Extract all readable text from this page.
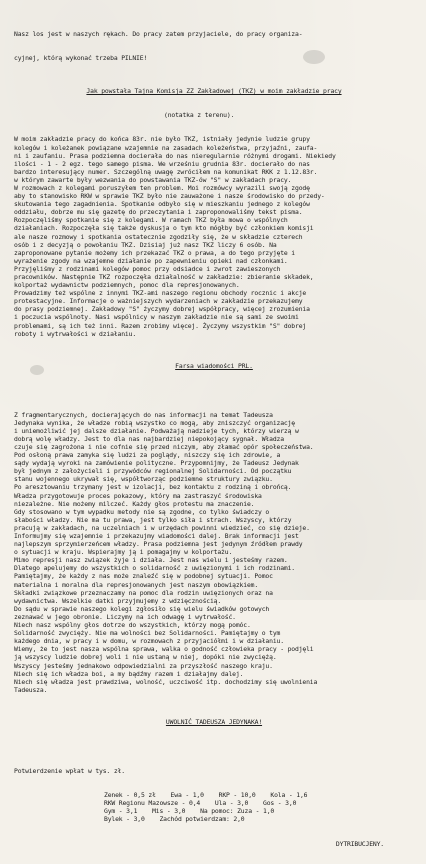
Nasz los jest w naszych rękach. Do pracy zatem przyjaciele, do pracy organiza-

cyjnej, którą wykonać trzeba PILNIE!

Jak powstała Tajna Komisja ZZ Zakładowej (TKZ) w moim zakładzie pracy

(notatka z terenu).

W moim zakładzie pracy do końca 83r. nie było TKZ, istniały jedynie ludzie grupy
kolegów i koleżanek powiązane wzajemnie na zasadach koleżeństwa, przyjaźni, zaufa-
ni i zaufaniu. Prasa podziemna docierała do nas nieregularnie różnymi drogami. Niekiedy
ilości - 1 - 2 egz. tego samego pisma. We wrześniu grudnia 83r. docierało do nas
bardzo interesujący numer. Szczególną uwagę zwróciłem na komunikat RKK z 1.12.83r.
w którym zawarte były wezwania do powstawania TKZ-ów "S" w zakładach pracy.
W rozmowach z kolegami poruszyłem ten problem. Moi rozmówcy wyrazili swoją zgodę
aby to stanowisko RKW w sprawie TKZ było nie zauważone i nasze środowisko do przedy-
skutowania tego zagadnienia. Spotkanie odbyło się w mieszkaniu jednego z kolegów
oddziału, dobrze mu się gazetę do przeczytania i zaproponowaliśmy tekst pisma.
Rozpoczęliśmy spotkanie się z kolegami. W ramach TKZ była mowa o wspólnych
działaniach. Rozpoczęła się także dyskusja o tym kto mógłby być członkiem komisji
ale nasze rozmowy i spotkania ostatecznie zgodziły się, że w składzie czterech
osób i z decyzją o powołaniu TKZ. Dzisiaj już nasz TKZ liczy 6 osób. Na
zaproponowane pytanie możemy ich przekazać TKZ o prawa, a do tego przyjęte i
wyrażenie zgody na wzajemne działanie po zapewnieniu opieki nad członkami.
Przyjęliśmy z rodzinami kolegów pomoc przy odsiadce i zwrot zawieszonych
pracowników. Następnie TKZ rozpoczęła działalność w zakładzie: zbieranie składek,
kolportaż wydawnictw podziemnych, pomoc dla represjonowanych.
Prowadzimy też wspólne z innymi TKZ-ami naszego regionu obchody rocznic i akcje
protestacyjne. Informacje o ważniejszych wydarzeniach w zakładzie przekazujemy
do prasy podziemnej. Zakładowy "S" życzymy dobrej współpracy, więcej zrozumienia
i poczucia wspólnoty. Nasi wspólnicy w naszym zakładzie nie są sami ze swoimi
problemami, są ich też inni. Razem zrobimy więcej. Życzymy wszystkim "S" dobrej
roboty i wytrwałości w działaniu.

Farsa wiadomości PRL.

Z fragmentarycznych, docierających do nas informacji na temat Tadeusza
Jedynaka wynika, że władze robią wszystko co mogą, aby zniszczyć organizację
i uniemożliwić jej dalsze działanie. Podważają nadzieje tych, którzy wierzą w
dobrą wolę władzy. Jest to dla nas najbardziej niepokojący sygnał. Władza
czuje się zagrożona i nie cofnie się przed niczym, aby złamać opór społeczeństwa.
Pod osłoną prawa zamyka się ludzi za poglądy, niszczy się ich zdrowie, a
sądy wydają wyroki na zamówienie polityczne. Przypomnijmy, że Tadeusz Jedynak
był jednym z założycieli i przywódców regionalnej Solidarności. Od początku
stanu wojennego ukrywał się, współtworząc podziemne struktury związku.
Po aresztowaniu trzymany jest w izolacji, bez kontaktu z rodziną i obrońcą.
Władza przygotowuje proces pokazowy, który ma zastraszyć środowiska
niezależne. Nie możemy milczeć. Każdy głos protestu ma znaczenie.
Gdy stosowano w tym wypadku metody nie są zgodne, co tylko świadczy o
słabości władzy. Nie ma tu prawa, jest tylko siła i strach. Wszyscy, którzy
pracują w zakładach, na uczelniach i w urzędach powinni wiedzieć, co się dzieje.
Informujmy się wzajemnie i przekazujmy wiadomości dalej. Brak informacji jest
najlepszym sprzymierzeńcem władzy. Prasa podziemna jest jedynym źródłem prawdy
o sytuacji w kraju. Wspierajmy ją i pomagajmy w kolportażu.
Mimo represji nasz związek żyje i działa. Jest nas wielu i jesteśmy razem.
Dlatego apelujemy do wszystkich o solidarność z uwięzionymi i ich rodzinami.
Pamiętajmy, że każdy z nas może znaleźć się w podobnej sytuacji. Pomoc
materialna i moralna dla represjonowanych jest naszym obowiązkiem.
Składki związkowe przeznaczamy na pomoc dla rodzin uwięzionych oraz na
wydawnictwa. Wszelkie datki przyjmujemy z wdzięcznością.
Do sądu w sprawie naszego kolegi zgłosiło się wielu świadków gotowych
zeznawać w jego obronie. Liczymy na ich odwagę i wytrwałość.
Niech nasz wspólny głos dotrze do wszystkich, którzy mogą pomóc.
Solidarność zwycięży. Nie ma wolności bez Solidarności. Pamiętajmy o tym
każdego dnia, w pracy i w domu, w rozmowach z przyjaciółmi i w działaniu.
Wiemy, że to jest nasza wspólna sprawa, walka o godność człowieka pracy - podjęli
ją wszyscy ludzie dobrej woli i nie ustaną w niej, dopóki nie zwyciężą.
Wszyscy jesteśmy jednakowo odpowiedzialni za przyszłość naszego kraju.
Niech się ich władza boi, a my bądźmy razem i działajmy dalej.
Niech się władza jest prawdziwa, wolność, uczciwość itp. dochodzimy się uwolnienia
Tadeusza.

UWOLNIĆ TADEUSZA JEDYNAKA!

Potwierdzenie wpłat w tys. zł.

Zenek - 0,5 zł    Ewa - 1,0    RKP - 10,0    Kola - 1,6
RKW Regionu Mazowsze - 0,4    Ula - 3,0    Gos - 3,0
Gym - 3,1    Mis - 3,0    Na pomoc: Zuza - 1,0
Bylek - 3,0    Zachód potwierdzam: 2,0

DYTRIBUCJENY.
